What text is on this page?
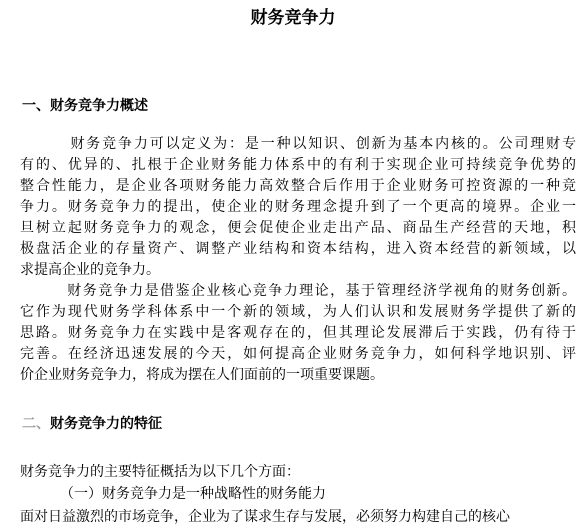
财务竞争力
一、财务竞争力概述

财务竞争力可以定义为：是一种以知识、创新为基本内核的。公司理财专
有的、优异的、扎根于企业财务能力体系中的有利于实现企业可持续竞争优势的
整合性能力，是企业各项财务能力高效整合后作用于企业财务可控资源的一种竞
争力。财务竞争力的提出，使企业的财务理念提升到了一个更高的境界。企业一
旦树立起财务竞争力的观念，便会促使企业走出产品、商品生产经营的天地，积
极盘活企业的存量资产、调整产业结构和资本结构，进入资本经营的新领域，以
求提高企业的竞争力。

财务竞争力是借鉴企业核心竞争力理论，基于管理经济学视角的财务创新。
它作为现代财务学科体系中一个新的领域，为人们认识和发展财务学提供了新的
思路。财务竞争力在实践中是客观存在的，但其理论发展滞后于实践，仍有待于
完善。在经济迅速发展的今天，如何提高企业财务竞争力，如何科学地识别、评
价企业财务竞争力，将成为摆在人们面前的一项重要课题。

二、财务竞争力的特征
财务竞争力的主要特征概括为以下几个方面：
（一）财务竞争力是一种战略性的财务能力
面对日益激烈的市场竞争，企业为了谋求生存与发展，必须努力构建自己的核心
